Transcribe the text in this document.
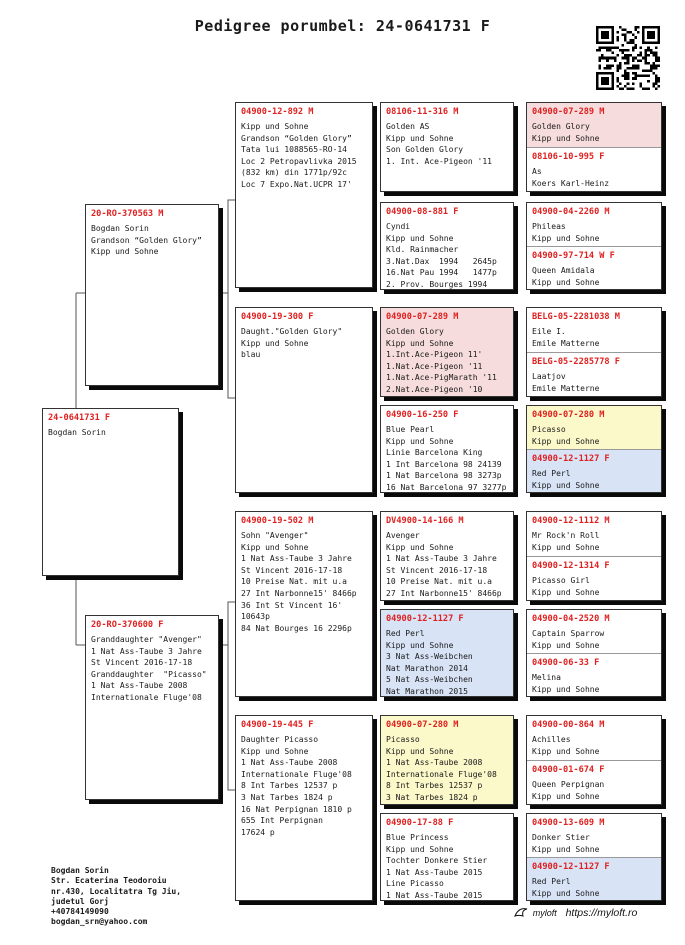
Pedigree porumbel: 24-0641731 F
24-0641731 F
Bogdan Sorin
20-RO-370563 M
Bogdan Sorin
Grandson “Golden Glory”
Kipp und Sohne
20-RO-370600 F
Granddaughter "Avenger"
1 Nat Ass-Taube 3 Jahre
St Vincent 2016-17-18
Granddaughter  "Picasso"
1 Nat Ass-Taube 2008
Internationale Fluge'08
04900-12-892 M
Kipp und Sohne
Grandson “Golden Glory”
Tata lui 1088565-RO-14
Loc 2 Petropavlivka 2015
(832 km) din 1771p/92c
Loc 7 Expo.Nat.UCPR 17'
04900-19-300 F
Daught."Golden Glory"
Kipp und Sohne
blau
04900-19-502 M
Sohn "Avenger"
Kipp und Sohne
1 Nat Ass-Taube 3 Jahre
St Vincent 2016-17-18
10 Preise Nat. mit u.a
27 Int Narbonne15' 8466p
36 Int St Vincent 16'
10643p
84 Nat Bourges 16 2296p
04900-19-445 F
Daughter Picasso
Kipp und Sohne
1 Nat Ass-Taube 2008
Internationale Fluge'08
8 Int Tarbes 12537 p
3 Nat Tarbes 1824 p
16 Nat Perpignan 1810 p
655 Int Perpignan
17624 p
08106-11-316 M
Golden AS
Kipp und Sohne
Son Golden Glory
1. Int. Ace-Pigeon '11
04900-08-881 F
Cyndi
Kipp und Sohne
Kld. Rainmacher
3.Nat.Dax  1994   2645p
16.Nat Pau 1994   1477p
2. Prov. Bourges 1994
04900-07-289 M
Golden Glory
Kipp und Sohne
1.Int.Ace-Pigeon 11'
1.Nat.Ace-Pigeon '11
1.Nat.Ace-PigMarath '11
2.Nat.Ace-Pigeon '10
04900-16-250 F
Blue Pearl
Kipp und Sohne
Linie Barcelona King
1 Int Barcelona 98 24139
1 Nat Barcelona 98 3273p
16 Nat Barcelona 97 3277p
DV4900-14-166 M
Avenger
Kipp und Sohne
1 Nat Ass-Taube 3 Jahre
St Vincent 2016-17-18
10 Preise Nat. mit u.a
27 Int Narbonne15' 8466p
04900-12-1127 F
Red Perl
Kipp und Sohne
3 Nat Ass-Weibchen
Nat Marathon 2014
5 Nat Ass-Weibchen
Nat Marathon 2015
04900-07-280 M
Picasso
Kipp und Sohne
1 Nat Ass-Taube 2008
Internationale Fluge'08
8 Int Tarbes 12537 p
3 Nat Tarbes 1824 p
04900-17-88 F
Blue Princess
Kipp und Sohne
Tochter Donkere Stier
1 Nat Ass-Taube 2015
Line Picasso
1 Nat Ass-Taube 2015
04900-07-289 M
Golden Glory
Kipp und Sohne
08106-10-995 F
As
Koers Karl-Heinz
04900-04-2260 M
Phileas
Kipp und Sohne
04900-97-714 W F
Queen Amidala
Kipp und Sohne
BELG-05-2281038 M
Eile I.
Emile Matterne
BELG-05-2285778 F
Laatjov
Emile Matterne
04900-07-280 M
Picasso
Kipp und Sohne
04900-12-1127 F
Red Perl
Kipp und Sohne
04900-12-1112 M
Mr Rock'n Roll
Kipp und Sohne
04900-12-1314 F
Picasso Girl
Kipp und Sohne
04900-04-2520 M
Captain Sparrow
Kipp und Sohne
04900-06-33 F
Melina
Kipp und Sohne
04900-00-864 M
Achilles
Kipp und Sohne
04900-01-674 F
Queen Perpignan
Kipp und Sohne
04900-13-609 M
Donker Stier
Kipp und Sohne
04900-12-1127 F
Red Perl
Kipp und Sohne
Bogdan Sorin
Str. Ecaterina Teodoroiu
nr.430, Localitatra Tg Jiu,
judetul Gorj
+40784149090
bogdan_srn@yahoo.com
myloft https://myloft.ro
